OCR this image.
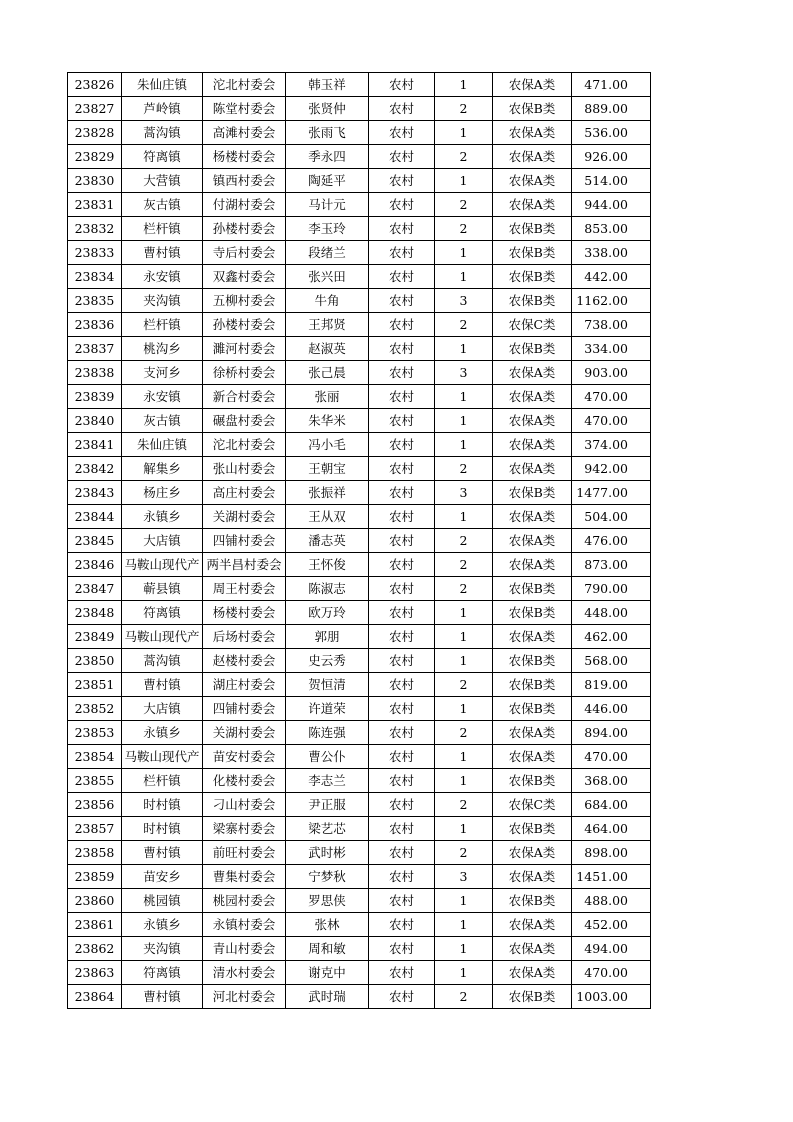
23826	朱仙庄镇	沱北村委会	韩玉祥	农村	1	农保A类	471.00
23827	芦岭镇	陈堂村委会	张贤仲	农村	2	农保B类	889.00
23828	蒿沟镇	高滩村委会	张雨飞	农村	1	农保A类	536.00
23829	符离镇	杨楼村委会	季永四	农村	2	农保A类	926.00
23830	大营镇	镇西村委会	陶延平	农村	1	农保A类	514.00
23831	灰古镇	付湖村委会	马计元	农村	2	农保A类	944.00
23832	栏杆镇	孙楼村委会	李玉玲	农村	2	农保B类	853.00
23833	曹村镇	寺后村委会	段绪兰	农村	1	农保B类	338.00
23834	永安镇	双鑫村委会	张兴田	农村	1	农保B类	442.00
23835	夹沟镇	五柳村委会	牛角	农村	3	农保B类	1162.00
23836	栏杆镇	孙楼村委会	王邦贤	农村	2	农保C类	738.00
23837	桃沟乡	濉河村委会	赵淑英	农村	1	农保B类	334.00
23838	支河乡	徐桥村委会	张己晨	农村	3	农保A类	903.00
23839	永安镇	新合村委会	张丽	农村	1	农保A类	470.00
23840	灰古镇	碾盘村委会	朱华米	农村	1	农保A类	470.00
23841	朱仙庄镇	沱北村委会	冯小毛	农村	1	农保A类	374.00
23842	解集乡	张山村委会	王朝宝	农村	2	农保A类	942.00
23843	杨庄乡	高庄村委会	张振祥	农村	3	农保B类	1477.00
23844	永镇乡	关湖村委会	王从双	农村	1	农保A类	504.00
23845	大店镇	四铺村委会	潘志英	农村	2	农保A类	476.00
23846	马鞍山现代产	两半昌村委会	王怀俊	农村	2	农保A类	873.00
23847	蕲县镇	周王村委会	陈淑志	农村	2	农保B类	790.00
23848	符离镇	杨楼村委会	欧万玲	农村	1	农保B类	448.00
23849	马鞍山现代产	后场村委会	郭朋	农村	1	农保A类	462.00
23850	蒿沟镇	赵楼村委会	史云秀	农村	1	农保B类	568.00
23851	曹村镇	湖庄村委会	贺恒清	农村	2	农保B类	819.00
23852	大店镇	四铺村委会	许道荣	农村	1	农保B类	446.00
23853	永镇乡	关湖村委会	陈连强	农村	2	农保A类	894.00
23854	马鞍山现代产	苗安村委会	曹公仆	农村	1	农保A类	470.00
23855	栏杆镇	化楼村委会	李志兰	农村	1	农保B类	368.00
23856	时村镇	刁山村委会	尹正服	农村	2	农保C类	684.00
23857	时村镇	梁寨村委会	梁艺芯	农村	1	农保B类	464.00
23858	曹村镇	前旺村委会	武时彬	农村	2	农保A类	898.00
23859	苗安乡	曹集村委会	宁梦秋	农村	3	农保A类	1451.00
23860	桃园镇	桃园村委会	罗思侠	农村	1	农保B类	488.00
23861	永镇乡	永镇村委会	张林	农村	1	农保A类	452.00
23862	夹沟镇	青山村委会	周和敏	农村	1	农保A类	494.00
23863	符离镇	清水村委会	谢克中	农村	1	农保A类	470.00
23864	曹村镇	河北村委会	武时瑞	农村	2	农保B类	1003.00
